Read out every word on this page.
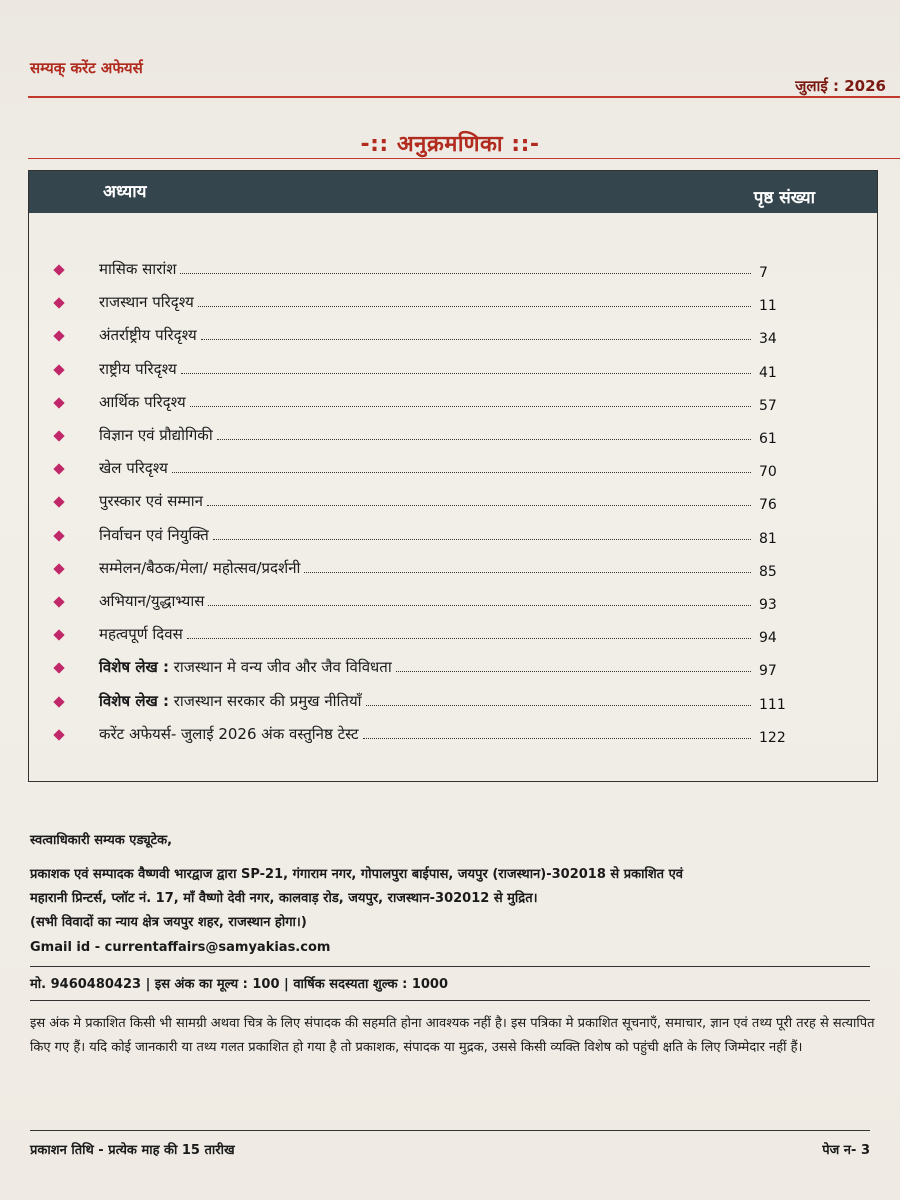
सम्यक् करेंट अफेयर्स
जुलाई : 2026
-:: अनुक्रमणिका ::-
अध्याय	पृष्ठ संख्या
मासिक सारांश	7
राजस्थान परिदृश्य	11
अंतर्राष्ट्रीय परिदृश्य	34
राष्ट्रीय परिदृश्य	41
आर्थिक परिदृश्य	57
विज्ञान एवं प्रौद्योगिकी	61
खेल परिदृश्य	70
पुरस्कार एवं सम्मान	76
निर्वाचन एवं नियुक्ति	81
सम्मेलन/बैठक/मेला/ महोत्सव/प्रदर्शनी	85
अभियान/युद्धाभ्यास	93
महत्वपूर्ण दिवस	94
विशेष लेख : राजस्थान मे वन्य जीव और जैव विविधता	97
विशेष लेख : राजस्थान सरकार की प्रमुख नीतियाँ	111
करेंट अफेयर्स- जुलाई 2026 अंक वस्तुनिष्ठ टेस्ट	122
स्वत्वाधिकारी सम्यक एड्यूटेक,
प्रकाशक एवं सम्पादक वैष्णवी भारद्वाज द्वारा SP-21, गंगाराम नगर, गोपालपुरा बाईपास, जयपुर (राजस्थान)-302018 से प्रकाशित एवं
महारानी प्रिन्टर्स, प्लॉट नं. 17, माँ वैष्णो देवी नगर, कालवाड़ रोड, जयपुर, राजस्थान-302012 से मुद्रित।
(सभी विवादों का न्याय क्षेत्र जयपुर शहर, राजस्थान होगा।)
Gmail id - currentaffairs@samyakias.com
मो. 9460480423 | इस अंक का मूल्य : 100 | वार्षिक सदस्यता शुल्क : 1000
इस अंक मे प्रकाशित किसी भी सामग्री अथवा चित्र के लिए संपादक की सहमति होना आवश्यक नहीं है। इस पत्रिका मे प्रकाशित सूचनाएँ, समाचार, ज्ञान एवं तथ्य पूरी तरह से सत्यापित किए गए हैं। यदि कोई जानकारी या तथ्य गलत प्रकाशित हो गया है तो प्रकाशक, संपादक या मुद्रक, उससे किसी व्यक्ति विशेष को पहुंची क्षति के लिए जिम्मेदार नहीं हैं।
प्रकाशन तिथि - प्रत्येक माह की 15 तारीख	पेज न- 3
